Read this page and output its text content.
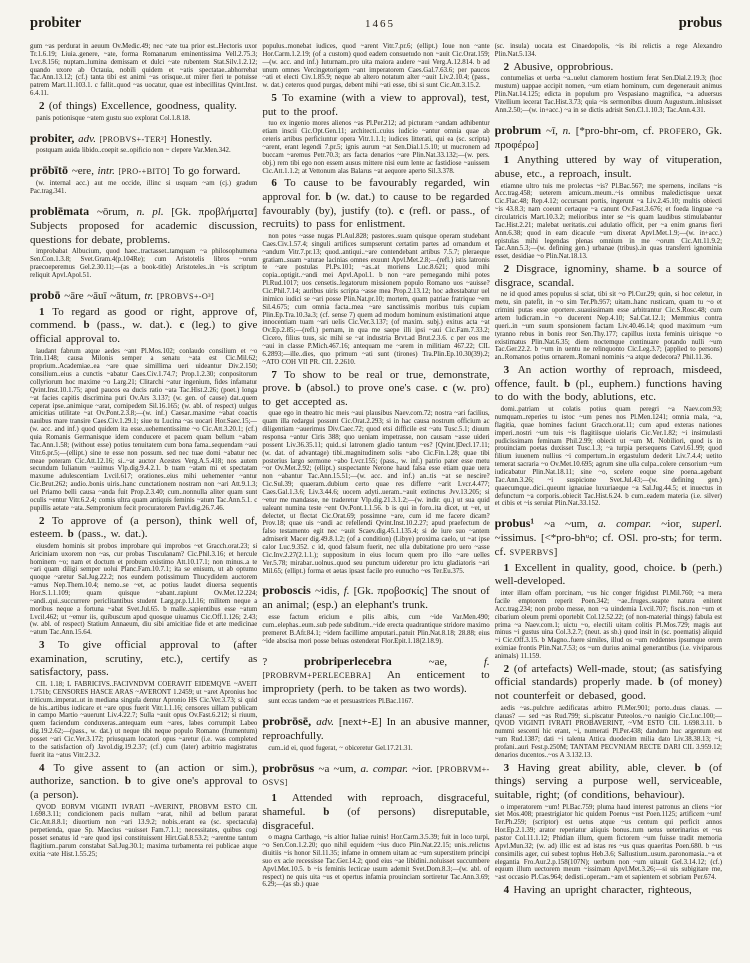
probiter	1465	probus

gum ~as perdurat in aeuum Ov.Medic.49; nec ~ate tua prior est..Hectoris uxor Tr.1.6.19; Liuia..genere, ~ate, forma Romanarum eminentissima Vell.2.75.3; Lvc.8.156; nuptam..lumina demissam et dulci ~ate rubentem Stat.Silv.1.2.12; quando uxore ab Octauia, nobili quidem et ~atis spectatae..abhorrebat Tac.Ann.13.12; (cf.) tanta tibi est animi ~as orisque..ut mirer fieri te potuisse patrem Mart.11.103.1. c fallit..quod ~as uocatur, quae est inbecillitas Qvint.Inst. 6.4.11.

2 (of things) Excellence, goodness, quality.

panis potionisque ~atem gustu suo explorat Col.1.8.18.

probiter, adv. [PROBVS+-TER²] Honestly.

postquam auida libido..coepit se..opificio non ~ clepere Var.Men.342.

prōbītō ~ere, intr. [PRO-+BITO] To go forward.

(w. internal acc.) aut me occide, illinc si usquam ~am (cj.) gradum Pac.trag.341.

problēmata ~ōrum, n. pl. [Gk. προβλήματα] Subjects proposed for academic discussion, questions for debate, problems.

improbabat Albucium, quod haec..tractasset..tamquam ~a philosophumena Sen.Con.1.3.8; Svet.Gram.4(p.104Re); cum Aristotelis libros ~orum praecoeperemus Gel.2.30.11;—(as a book-title) Aristoteles..in ~is scriptum reliquit Apvl.Apol.51.

probō ~āre ~āuī ~ātum, tr. [PROBVS+-O³]

1 To regard as good or right, approve of, commend. b (pass., w. dat.). c (leg.) to give official approval to.

laudant fabrum atque aedes ~ant Pl.Mos.102; conlaudo consilium et ~o Trin.1148; causa Milonis semper a senatu ~ata est Cic.Mil.62; proprium..Academiae..ea ~are quae simillima ueri uideantur Div.2.150; consilium..eius a cunctis ~abatur Caes.Civ.1.74.7; Prop.1.2.30; conpositorum collyriorum hoc maxime ~o Larg.21; Clitarchi ~atur ingenium, fides infamatur Qvint.Inst.10.1.75; apud paucos ea ducis ratio ~ata Tac.Hist.2.26; (poet.) longa ~at facies capitis discrimina puri Ov.Ars 3.137; (w. gen. of cause) dat..quem ceperat ipse..animique ~arat, cornipedem Sil.16.165; (w. abl. of respect) uulgus amicitias utilitate ~at Ov.Pont.2.3.8;—(w. inf.) Caesar..maxime ~abat coactis nauibus mare transire Caes.Civ.1.29.1; siue tu Lucina ~as uocari Hor.Saec.15;—(w. acc. and inf.) quod quidem ita esse..uehementissime ~o Cic.Att.3.20.1; (cf.) quia Romanis Germanisque idem conducere et pacem quam bellum ~abam Tac.Ann.1.58; (without esse) potius tenuitatem cum bona fama..sequendam ~aui Vitr.6.pr.5;—(ellipt.) sine te esse non possum. sed nec tuae domi ~abatur nec meae poteram Cic.Att.12.16; si..~at auctor Acestes Verg.A.5.418; nos autem secundum Iulianum ~auimus Vlp.dig.9.4.2.1. b tuam ~atam mi et spectatam maxume adulescentiam Lvcil.617; orationes..eius mihi uehementer ~antur Cic.Brut.262; audio..bonis uiris..hanc cunctationem nostram non ~ari Att.9.1.3; uel Priamo belli causa ~anda fuit Prop.2.3.40; cum..nonnulla aliter quam sunt oculis ~entur Vitr.6.2.4; comis ultra quam antiquis feminis ~atum Tac.Ann.5.1. c pupillis aetate ~ata..Sempronium fecit procuratorem Pavl.dig.26.7.46.

2 To approve of (a person), think well of, esteem. b (pass., w. dat.).

eiusdem hominis sit probos improbare qui improbos ~et Gracch.orat.23; si Ariciniam uxorem non ~as, cur probas Tusculanam? Cic.Phil.3.16; et hercule hominem ~o; nam et doctum et probum existimo Att.10.17.1; non minus..a te ~ari quam diligi semper uolui Planc.Fam.10.7.1; ita se enisum, ut ab optumo quoque ~aretur Sal.Jug.22.2; nos eundem potissimum Thucydidem auctorem ~amus Nep.Them.10.4; nemo..se ~et, ac potius laudet diuersa sequentis Hor.S.1.1.109; quam quisque ~abant..rapiunt Ov.Met.12.224; ~andi..qui..succurrere periclitantibus student Larg.pr.p.1,l.16; militem neque a moribus neque a fortuna ~abat Svet.Jul.65. b malle..sapientibus esse ~atum Lvcil.462; ut ~emur iis, quibuscum apud quosque uiuamus Cic.Off.1.126; 2.43; (w. abl. of respect) Statium Annaeum, diu sibi amicitiae fide et arte medicinae ~atum Tac.Ann.15.64.

3 To give official approval to (after examination, scrutiny, etc.), certify as satisfactory, pass.

CIL 1.18; L FABRICIVS..FACIVNDVM COERAVIT EIDEMQVE ~AVEIT 1.751b; CENSORES HASCE ARAS ~AVERONT 1.2459; ut ~aret Apronius hoc triticum..imperat..ut in mediana singula dentur Apronio HS Cic.Ver.3.73; si quid de his..artibus iudicare et ~are opus fuerit Vitr.1.1.16; censores uillam publicam in campo Martio ~auerunt Liv.4.22.7; Sulla ~auit opus Ov.Fast.6.212; si riuum, quem faciendum conduxeras..antequam eum ~ares, labes corrumpit Labeo dig.19.2.62;—(pass., w. dat.) ut neque tibi neque populo Romano (frumentum) posset ~ari Cic.Ver.3.172; priusquam locatori opus ~aretur (i.e. was completed to the satisfaction of) Javol.dig.19.2.37; (cf.) cum (later) arbitrio magistratus fuerit ita ~atus Vitr.2.3.2.

4 To give assent to (an action or sim.), authorize, sanction. b to give one's approval to (a person).

QVOD EORVM VIGINTI IVRATI ~AVERINT, PROBVM ESTO CIL 1.698.3.11; condicionem pacis nullam ~arat, nihil ad bellum pararat Cic.Att.8.8.1; diuortium non ~ari 13.9.2; nobis..erant ea (sc. spectacula) perpetienda, quae Sp. Maecius ~auisset Fam.7.1.1; necessitates, quibus cogi posset senatus id ~are quod ipsi constituissent Hirt.Gal.8.53.2; ~arentne tantum flagitium..parum constabat Sal.Jug.30.1; maxima turbamenta rei publicae atque exitia ~ate Hist.1.55.25;

populus..monebat iudices, quod ~arent Vitr.7.pr.6; (ellipt.) Ioue non ~ante Hor.Carm.1.2.19; (of a custom) quod eadem consuetudo non ~auit Cic.Orat.159;—(w. acc. and inf.) Iuturnam..pro uita maiora audere ~aui Verg.A.12.814. b ad unum omnes Vercingetorigem ~ant imperatorem Caes.Gal.7.63.6; per paucos ~ati et electi Civ.1.85.9; neque ab altero notatum alter ~auit Liv.2.10.4; (pass., w. dat.) ceteros quod purgas, debent mihi ~ati esse, tibi si sunt Cic.Att.3.15.2.

5 To examine (with a view to approval), test, put to the proof.

tuo ex ingenio mores alienos ~as Pl.Per.212; ad picturam ~andam adhibentur etiam inscii Cic.Opt.Gen.11; architecti..cuius iudicio ~antur omnia quae ab ceteris artibus perficiuntur opera Vitr.1.1.1; iudices litterati, qui ea (sc. scripta) ~arent, erant legendi 7.pr.5; ignis aurum ~at Sen.Dial.1.5.10; ut mucronem ad buccam ~aremus Petr.70.3; ars facta denarios ~are Plin.Nat.33.132;—(w. pers. obj.) rem tibi ego non essem ausus mittere nisi eum lente ac fastidiose ~auissem Cic.Att.1.1.2; at Vettonum alas Balarus ~at aequore aperto Sil.3.378.

6 To cause to be favourably regarded, win approval for. b (w. dat.) to cause to be regarded favourably (by), justify (to). c (refl. or pass., of recruits) to pass for enlistment.

non potes ~asse nugas Pl.Aul.828; pastores..suam quisque operam studebant Caes.Civ.1.57.4; singuli artifices sumpserunt certatim partes ad ornandum et ~andum Vitr.7.pr.13; quod..antiqui..~are contendebant artibus 7.5.7; pleraeque gratiam..suam ~aturae lacinias omnes exuunt Apvl.Met.2.8;—(refl.) istis latronis te ~are postulas Pl.Ps.101; ~as..at moriens Luc.8.621; quod mihi copia..optigit..~andi mei Apvl.Apol.1. b non ~are pernegando mihi potes Pl.Rud.1017; uos censetis..legatorum missionem populo Romano uos ~auisse? Cic.Phil.7.14; auribus uiris scripta ~asse mea Prop.2.13.12; hoc adtestabatur uel inimico iudici se ~ari posse Plin.Nat.pr.10; mortem, quam patriae fratrique ~em Sil.4.675; cum omnia facta..mea ~are sanctissimis moribus tuis cupiam Plin.Ep.Tra.10.3a.3; (cf. sense 7) quem ad modum hominum existimationi atque innocentiam tuam ~ari uelis Cic.Ver.3.137; (of maxim. subj.) exitus acta ~at Ov.Ep.2.85;—(refl.) pernam, in qua me saepe illi ipsi ~aui Cic.Fam.7.33.2; Cicero, filius tuus, sic mihi se ~at industria Brvt.ad Brut.2.3.6. c per eos me ~aui in classe P.Mich.467.16; antequam me ~arem in militiam 467.22; CIL 6.2893;—ille..dies, quo primum ~ati sunt (tirones) Tra.Plin.Ep.10.30(39).2; ~ATO COH VII PR. CIL 2.2610.

7 To show to be real or true, demonstrate, prove. b (absol.) to prove one's case. c (w. pro) to get accepted as.

quae ego in theatro hic meis ~aui plausibus Naev.com.72; nostra ~ari facilius, quam illa redargui possunt Cic.Orat.2.293; si in hac causa nostrum officium ac diligentiam ~auerimus Div.Caec.72; quod etsi difficile est ~atu Tusc.5.1; diuum responsa ~antur Ciris 388; quo ueniam impetrasse, non causam ~asse uideri possent Liv.36.35.11; quid..si latronem gladio tantum ~es? [Qvint.]Decl.17.11; (w. dat. of advantage) tibi..magnitudinem solis ~abo Cic.Fin.1.28; quae tibi posterius largo sermone ~abo Lvcr.155; (pass., w. inf.) patrio pater esse metu ~or Ov.Met.2.92; (ellipt.) suspectante Nerone haud falsa esse etiam quae uera non ~abantur Tac.Ann.15.51;—(w. acc. and inf.) an..tis ~at se nescire? Cic.Sul.39; quaeram..dubium certo quae res differre ~arit Lvcr.4.477; Caes.Gal.1.3.6; Liv.3.44.6; uocem adyti..ueram..~auit extinctus Jvv.13.205; si ~etur me mandasse, ne traderetur Vlp.dig.21.3.1.2;—(w. indir. qu.) ut sua quid ualeant numina teste ~ent Ov.Pont.1.1.56. b is qui in foro..ita dicet, ut ~et, ut delectet, ut flectat Cic.Orat.69; possimne ~are, cum id me facere dicam? Prov.18; quae uis ~andi ac refellendi Qvint.Inst.10.2.27; apud praefectum de falso testamento egit nec ~auit Scaev.dig.45.1.135.4; si de iure suo ~antem admiserit Macer dig.49.8.1.2; (of a condition) (Libye) proxima caelo, ut ~at ipse calor Luc.9.352. c id, quod falsum fuerit, nec ulla dubitatione pro uero ~asse Cic.Inv.2.27(2.1.1.); suppositum in eius locum quem pro illo ~are uelles Ver.5.78; mirabar..uolnus..quod seu punctum uideretur pro ictu gladiatoris ~ari Mil.65; (ellipt.) forma et aetas ipsast facile pro eunucho ~es Ter.Eu.375.

proboscis ~idis, f. [Gk. προβοσκίς] The snout of an animal; (esp.) an elephant's trunk.

esse factum ericium e pilis albis, cum ~ide Var.Men.490; cum..elephas..eum..sub pede subditum..~ide erecta quadrantique stridore maximo premeret B.Afr.84.1; ~idem facillime amputari..patuit Plin.Nat.8.18; 28.88; eius ~ide abscisa mori posse beluas ostenderat Flor.Epit.1.18(2.18.9).

? probriperlecebra ~ae, f. [PROBRVM+PERLECEBRA] An enticement to impropriety (perh. to be taken as two words).

sunt eccas tandem ~ae et persuastrices Pl.Bac.1167.

probrōsē, adv. [next+-E] In an abusive manner, reproachfully.

cum..id ei, quod fugerat, ~ obiceretur Gel.17.21.31.

probrōsus ~a ~um, a. compar. ~ior. [PROBRVM+-OSVS]

1 Attended with reproach, disgraceful, shameful. b (of persons) disreputable, disgraceful.

o magna Carthago, ~is altior Italiae ruinis! Hor.Carm.3.5.39; fuit in loco turpi, ~o Sen.Con.1.2.20; quo nihil equidem ~ius duco Plin.Nat.22.15; unis..relictus diuitiis ~is honor Sil.11.35; infame in omnem uitam ac ~um superstitem principi suo ex acie recessisse Tac.Ger.14.2; quod eius ~ae libidini..noluisset succumbere Apvl.Met.10.5. b ~is feminis lecticae usum ademit Svet.Dom.8.3;—(w. abl. of respect) ne quis uita ~us et opertus infamia prouinciam sortiretur Tac.Ann.3.69; 6.29;—(as sb.) quae

(sc. insula) uocata est Cinaedopolis, ~is ibi relictis a rege Alexandro Plin.Nat.5.134.

2 Abusive, opprobrious.

contumelias et uerba ~a..uelut clamorem hostium ferat Sen.Dial.2.19.3; (hoc mustum) uappae accipit nomen, ~um etiam hominum, cum degenerauit animus Plin.Nat.14.125; edicta in populum pro Vespasiano magnifica, ~a aduersus Vitellium iecerat Tac.Hist.3.73; quia ~is sermonibus diuum Augustum..inlusisset Ann.2.50;—(w. in+acc.) ~a in se dictis adrisit Sen.Cl.1.10.3; Tac.Ann.4.31.

probrum ~ī, n. [*pro-bhr-om, cf. PROFERO, Gk. προφέρω]

1 Anything uttered by way of vituperation, abuse, etc., a reproach, insult.

etiamne ultro tuis me prolectas ~is? Pl.Bac.567; me spernens, incilans ~is Acc.trag.458; ueterem amicum..meum..~is omnibus maledictisque uexat Cic.Flac.48; Rep.4.12; occursant portis, ingerunt ~a Liv.2.45.10; multis obiecti ~is 43.8.3; nam coeunt certaque ~a canunt Ov.Fast.3.676; et foeda linguae ~a circulatricis Mart.10.3.2; melioribus inter se ~is quam laudibus stimulabantur Tac.Hist.2.21; malebat ueritatis..cui adulatio officit, per ~a enim gnarus fieri Ann.6.38; quod in eam dicacule ~um dixerat Apvl.Met.1.9;—(w. in+acc.) epistulas mihi legendas plenas omnium in me ~orum Cic.Att.11.9.2; Tac.Ann.5.3;—(w. defining gen.) urbanae (tribus)..in quas transferri ignominia esset, desidiae ~o Plin.Nat.18.13.

2 Disgrace, ignominy, shame. b a source of disgrace, scandal.

ne id quod ames populus si sciat, tibi sit ~o Pl.Cur.29; quin, si hoc celetur, in metu, sin patefit, in ~o sim Ter.Ph.957; uitam..hanc rusticam, quam tu ~o et crimini putas esse oportere..suauissimam esse arbitrantur Cic.S.Rosc.48; cum artem ludicram..in ~o ducerent Nep.4.10; Sal.Cat.12.1; Memmius contra queri..in ~um suum sponsionem factam Liv.40.46.14; quod maximum ~um tyranno rebus in bonis reor Sen.Thy.177; capillus iuxta feminis uirisque ~o existimatus Plin.Nat.6.35; diem noctemque continuare potando nulli ~um Tac.Ger.22.2. b ~um in uentu ne relinquonto Cic.Leg.3.7; (applied to persons) an..Romanos potius ornarem..Romani nominis ~a atque dedecora? Phil.11.36.

3 An action worthy of reproach, misdeed, offence, fault. b (pl., euphem.) functions having to do with the body, ablutions, etc.

domi..patriam ut colatis potius quam peregri ~a Naev.com.93; numquam..reperies tu istoc ~um penes nos Pl.Men.1241; omnia mala, ~a, flagitia, quae homines faciunt Gracch.orat.11; cum apud exteras nationes imperi..nostri ~um tuis ~is flagitiisque uiolaris Cic.Ver.1.82; ~i insimulasti pudicissimam feminam Phil.2.99; obiecit ut ~um M. Nobiliori, quod is in prouinciam poetas duxisset Tusc.1.3; ~a turpia persequens Catvl.61.99; quod filium iuuenem nullius ~i compertum..in ergastulum dederit Liv.7.4.4; uetito temerat sacraria ~o Ov.Met.10.695; agrum sine ulla culpa..colere censorium ~um iudicabatur Plin.Nat.18.11; sine ~o, scelere eoque sine poena..agebant Tac.Ann.3.26; ~i suspicione Svet.Jul.43;—(w. defining gen.) quaecumque..dici..queunt ignauiae luxuriaeque ~a Sal.Jug.44.5; et inuectus in defunctum ~a corporis..obiecit Tac.Hist.6.24. b cum..eadem materia (i.e. silver) et cibis et ~is seruiat Plin.Nat.33.152.

probus¹ ~a ~um, a. compar. ~ior, superl. ~issimus. [<*pro-bhᵘo; cf. OSl. pro-stъ; for term. cf. SVPERBVS]

1 Excellent in quality, good, choice. b (perh.) well-developed.

inter illam offam porcinam, ~us hic conger frigidust Pl.Mil.760; ~a mera facile emptorem reperit Poen.342; ~ae..fruges..suapte natura enitent Acc.trag.234; non probo messe, non ~a uindemia Lvcil.707; fiscis..non ~um et cibarium oleum premi oportebit Col.12.52.22; (of non-material things) fabula est prima ~a Naev.com.1; uictu ~o, electili uitam colitis Pl.Mos.729; magis aut minus ~i gustus uina Col.3.2.7; (neut. as sb.) quod insit in (sc. poematis) aliquid ~i Cic.Off.3.15. b Magno..fuere similes, illud os ~um reddentes ipsumque orem eximiae frontis Plin.Nat.7.53; os ~um durius animal generantibus (i.e. viviparous animals) 11.159.

2 (of artefacts) Well-made, stout; (as satisfying official standards) properly made. b (of money) not counterfeit or debased, good.

aedis ~as..pulchre aedificatas arbitro Pl.Mer.901; porto..duas clauas. — clauas? — sed ~as Rud.799; si..piscatur Puteolos..~o nauigio Cic.Luc.100;—QVOD VIGINTI IVRATI PROBAVERINT, ~VM ESTO CIL 1.698.3.11. b nummi sescenti hic erant, ~i, numerati Pl.Per.438; dandum huc argentum est ~um Rud.1387; dati ~i talenta Attica duodecim milia dato Liv.38.38.13; ~i, profani..auri Fest.p.250M; TANTAM PECVNIAM RECTE DARI CIL 3.959.12; denarios ducentos..~os A 3.132.13.

3 Having great ability, able, clever. b (of things) serving a purpose well, serviceable, suitable, right; (of conditions, behaviour).

o imperatorem ~um! Pl.Bac.759; pluma haud interest patronus an cliens ~ior siet Mos.408; praestrigiator hic quidem Poenus ~ust Poen.1125; artificem ~um! Ter.Ph.259; (scriptor) est uetus atque ~us centum qui perficit annos Hor.Ep.2.1.39; arator reperiatur aliquis bonus..tum uetus ueterinarius et ~us pastor Col.11.1.12; Phidian illum, quem fictorem ~um fuisse tradit memoria Apvl.Mun.32; (w. ad) illic est ad istas res ~us quas quaeritas Poen.680. b ~us consimilis ager, cui subest tophus Heb.3.6; Sallustium..usum..paronomasia..~a et elegantia Fro.Aur.2.p.158(107N); uerbum non ~um uitauit Gel.3.14.12; (cf.) equum illum uectorem meum ~issimam Apvl.Met.3.26;—si uis subigitare me, ~ast occasio Pl.Cas.964; dedisti..operam..~am et sapientem et sobriam Per.674.

4 Having an upright character, righteous,
